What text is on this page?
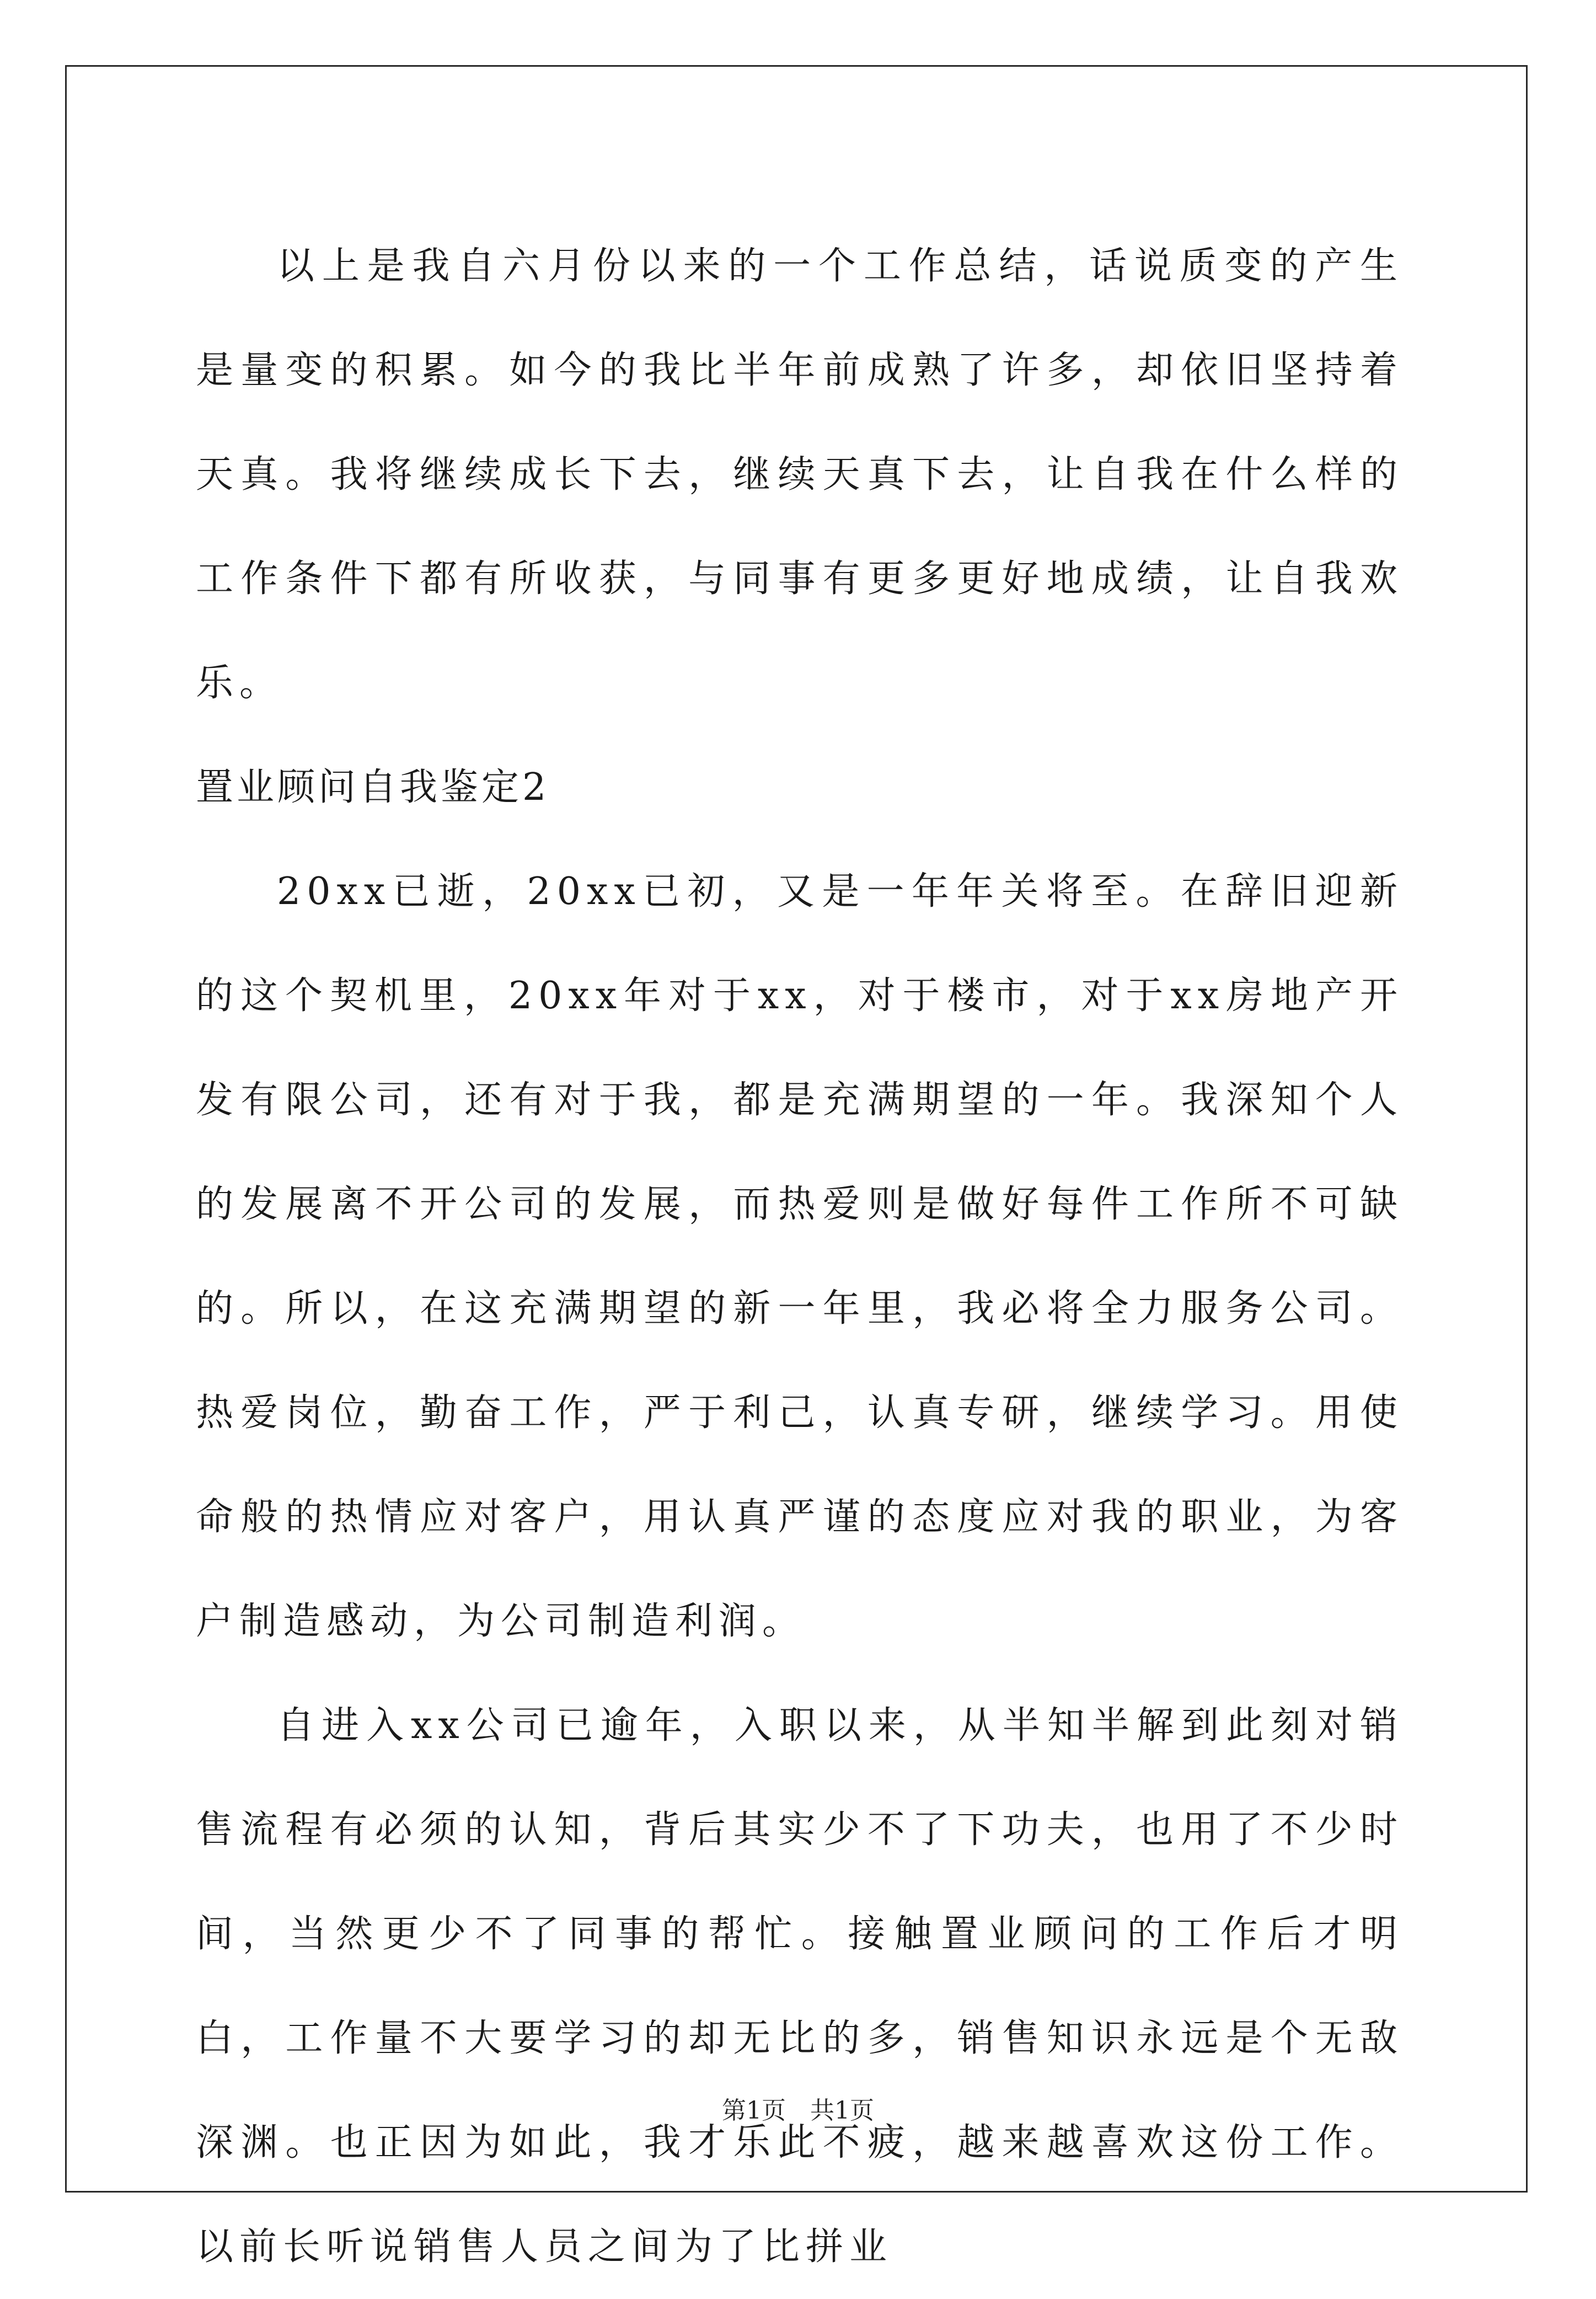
以上是我自六月份以来的一个工作总结，话说质变的产生是量变的积累。如今的我比半年前成熟了许多，却依旧坚持着天真。我将继续成长下去，继续天真下去，让自我在什么样的工作条件下都有所收获，与同事有更多更好地成绩，让自我欢乐。

置业顾问自我鉴定2

20xx已逝，20xx已初，又是一年年关将至。在辞旧迎新的这个契机里，20xx年对于xx，对于楼市，对于xx房地产开发有限公司，还有对于我，都是充满期望的一年。我深知个人的发展离不开公司的发展，而热爱则是做好每件工作所不可缺的。所以，在这充满期望的新一年里，我必将全力服务公司。热爱岗位，勤奋工作，严于利己，认真专研，继续学习。用使命般的热情应对客户，用认真严谨的态度应对我的职业，为客户制造感动，为公司制造利润。

自进入xx公司已逾年，入职以来，从半知半解到此刻对销售流程有必须的认知，背后其实少不了下功夫，也用了不少时间，当然更少不了同事的帮忙。接触置业顾问的工作后才明白，工作量不大要学习的却无比的多，销售知识永远是个无敌深渊。也正因为如此，我才乐此不疲，越来越喜欢这份工作。以前长听说销售人员之间为了比拼业

第1页 共1页
